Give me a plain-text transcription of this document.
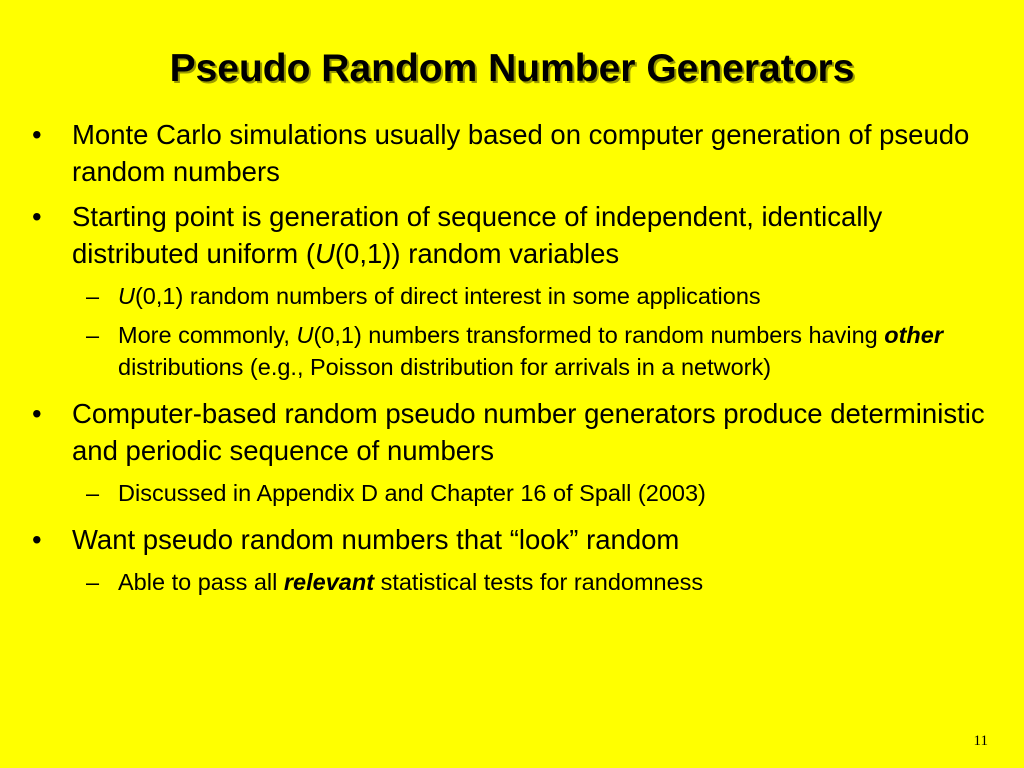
Pseudo Random Number Generators
• Monte Carlo simulations usually based on computer generation of pseudo random numbers
• Starting point is generation of sequence of independent, identically distributed uniform (U(0,1)) random variables
– U(0,1) random numbers of direct interest in some applications
– More commonly, U(0,1) numbers transformed to random numbers having other distributions (e.g., Poisson distribution for arrivals in a network)
• Computer-based random pseudo number generators produce deterministic and periodic sequence of numbers
– Discussed in Appendix D and Chapter 16 of Spall (2003)
• Want pseudo random numbers that “look” random
– Able to pass all relevant statistical tests for randomness
11
